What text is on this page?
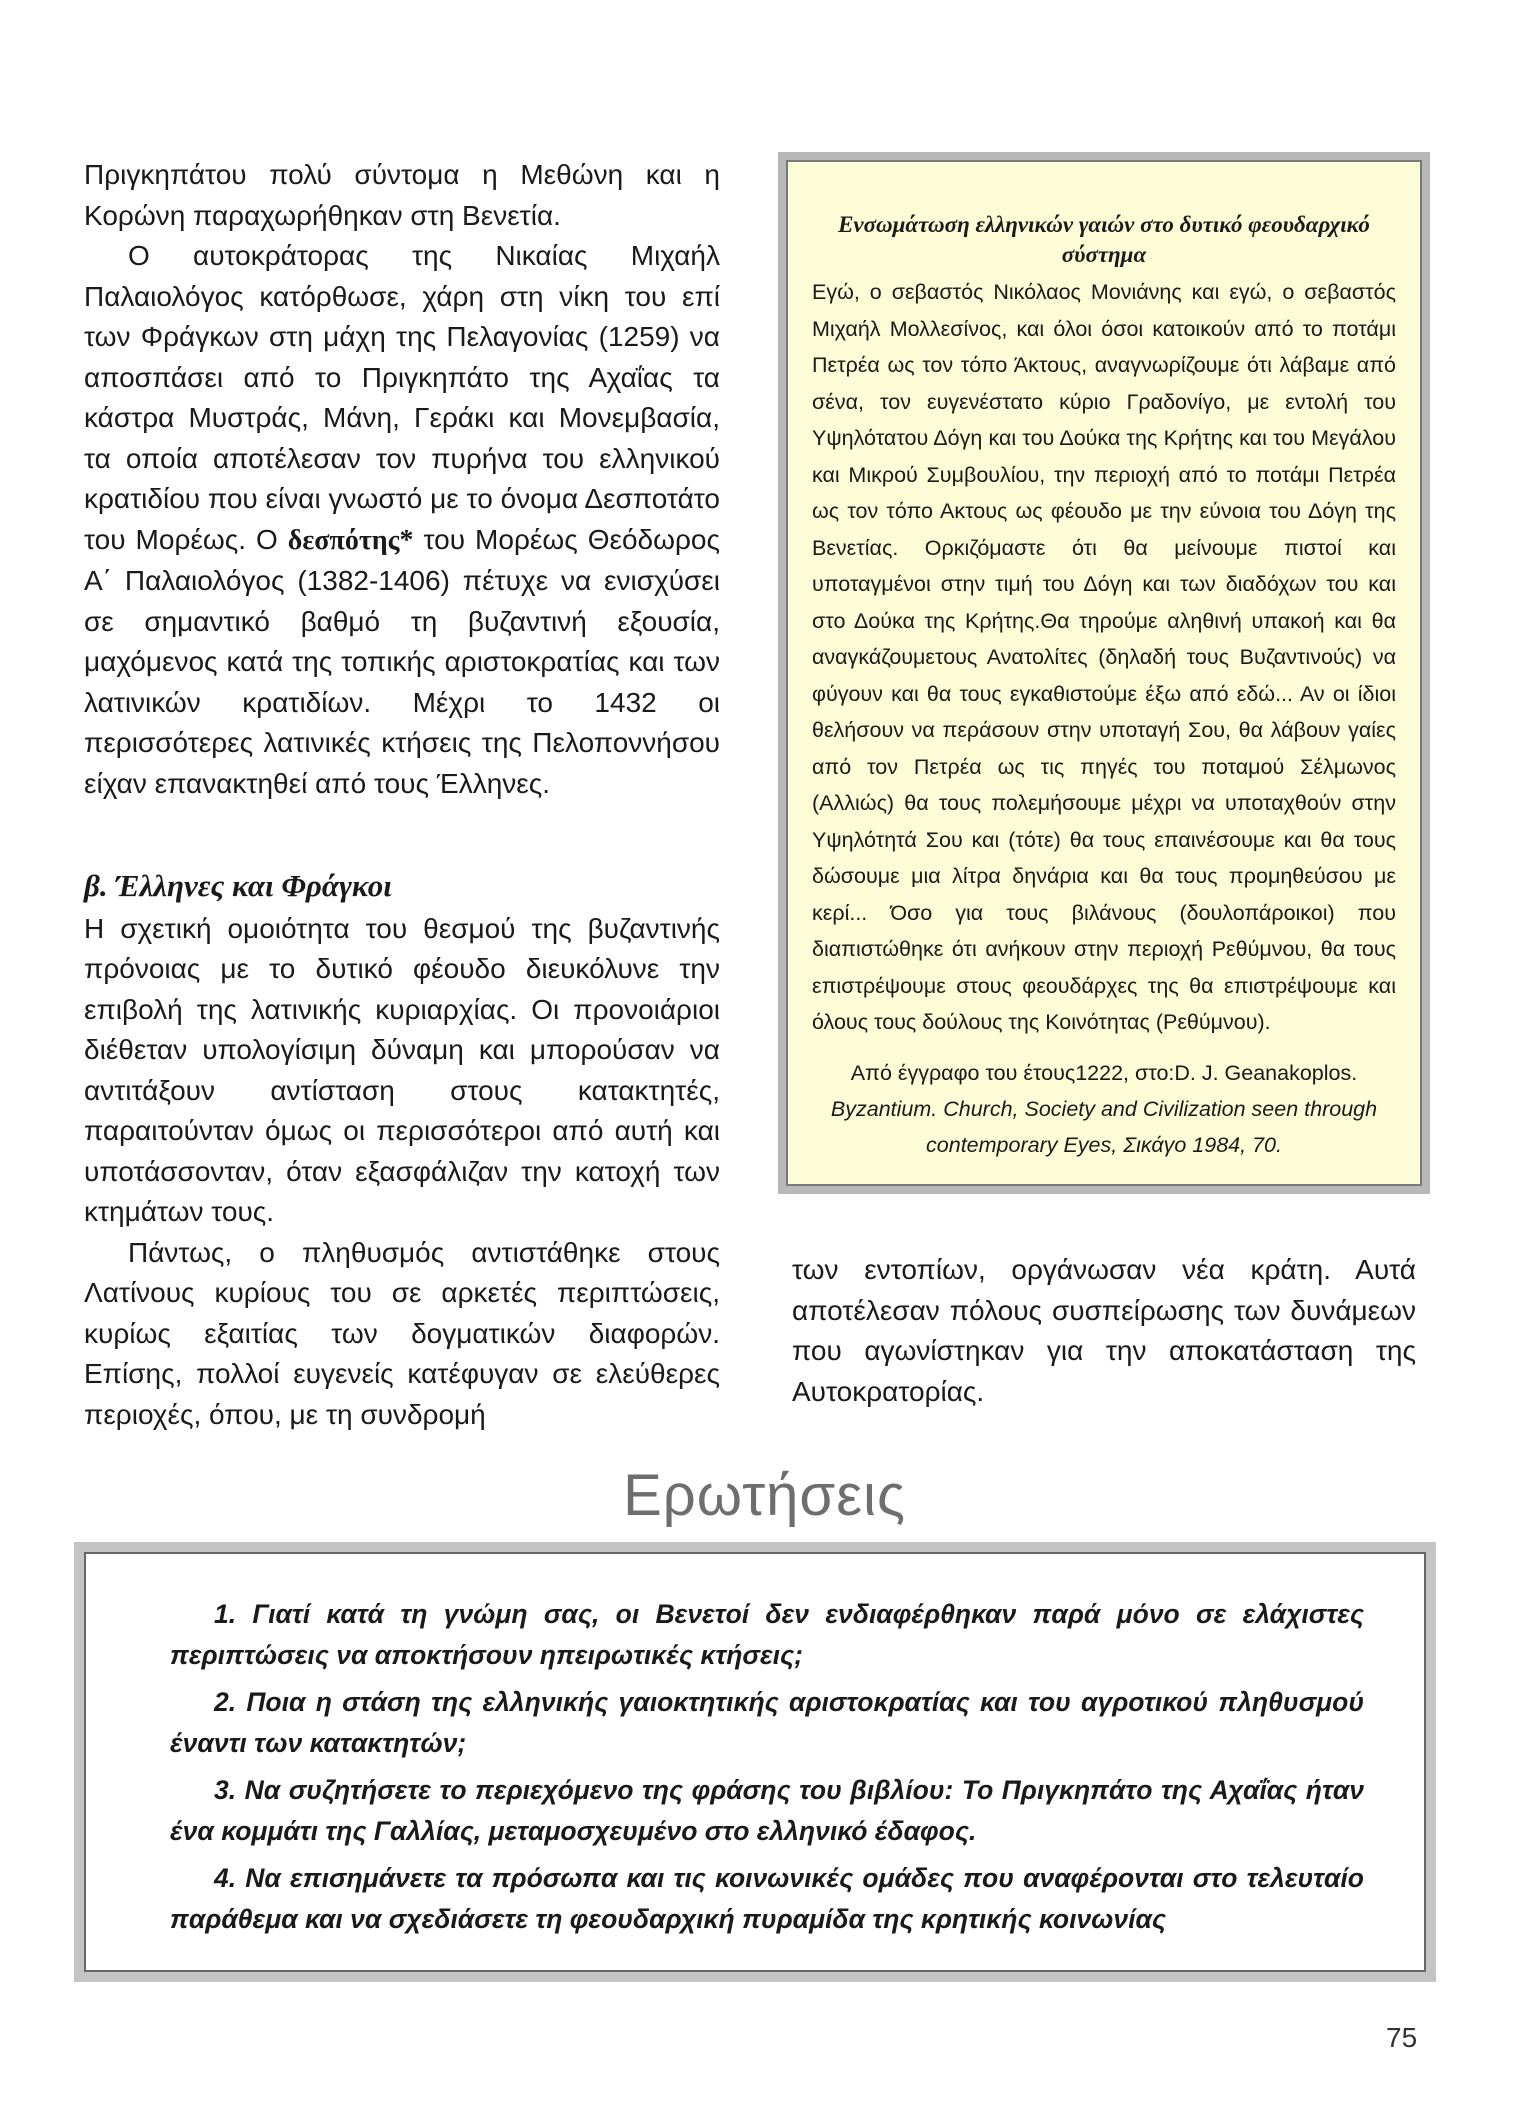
Πριγκηπάτου πολύ σύντομα η Μεθώνη και η Κορώνη παραχωρήθηκαν στη Βενετία.

Ο αυτοκράτορας της Νικαίας Μιχαήλ Παλαιολόγος κατόρθωσε, χάρη στη νίκη του επί των Φράγκων στη μάχη της Πελαγονίας (1259) να αποσπάσει από το Πριγκηπάτο της Αχαΐας τα κάστρα Μυστράς, Μάνη, Γεράκι και Μονεμβασία, τα οποία αποτέλεσαν τον πυρήνα του ελληνικού κρατιδίου που είναι γνωστό με το όνομα Δεσποτάτο του Μορέως. Ο δεσπότης* του Μορέως Θεόδωρος Α΄ Παλαιολόγος (1382-1406) πέτυχε να ενισχύσει σε σημαντικό βαθμό τη βυζαντινή εξουσία, μαχόμενος κατά της τοπικής αριστοκρατίας και των λατινικών κρατιδίων. Μέχρι το 1432 οι περισσότερες λατινικές κτήσεις της Πελοποννήσου είχαν επανακτηθεί από τους Έλληνες.

β. Έλληνες και Φράγκοι

Η σχετική ομοιότητα του θεσμού της βυζαντινής πρόνοιας με το δυτικό φέουδο διευκόλυνε την επιβολή της λατινικής κυριαρχίας. Οι προνοιάριοι διέθεταν υπολογίσιμη δύναμη και μπορούσαν να αντιτάξουν αντίσταση στους κατακτητές, παραιτούνταν όμως οι περισσότεροι από αυτή και υποτάσσονταν, όταν εξασφάλιζαν την κατοχή των κτημάτων τους.

Πάντως, ο πληθυσμός αντιστάθηκε στους Λατίνους κυρίους του σε αρκετές περιπτώσεις, κυρίως εξαιτίας των δογματικών διαφορών. Επίσης, πολλοί ευγενείς κατέφυγαν σε ελεύθερες περιοχές, όπου, με τη συνδρομή

Ενσωμάτωση ελληνικών γαιών στο δυτικό φεουδαρχικό σύστημα

Εγώ, ο σεβαστός Νικόλαος Μονιάνης και εγώ, ο σεβαστός Μιχαήλ Μολλεσίνος, και όλοι όσοι κατοικούν από το ποτάμι Πετρέα ως τον τόπο Άκτους, αναγνωρίζουμε ότι λάβαμε από σένα, τον ευγενέστατο κύριο Γραδονίγο, με εντολή του Υψηλότατου Δόγη και του Δούκα της Κρήτης και του Μεγάλου και Μικρού Συμβουλίου, την περιοχή από το ποτάμι Πετρέα ως τον τόπο Ακτους ως φέουδο με την εύνοια του Δόγη της Βενετίας. Ορκιζόμαστε ότι θα μείνουμε πιστοί και υποταγμένοι στην τιμή του Δόγη και των διαδόχων του και στο Δούκα της Κρήτης.Θα τηρούμε αληθινή υπακοή και θα αναγκάζουμετους Ανατολίτες (δηλαδή τους Βυζαντινούς) να φύγουν και θα τους εγκαθιστούμε έξω από εδώ... Αν οι ίδιοι θελήσουν να περάσουν στην υποταγή Σου, θα λάβουν γαίες από τον Πετρέα ως τις πηγές του ποταμού Σέλμωνος (Αλλιώς) θα τους πολεμήσουμε μέχρι να υποταχθούν στην Υψηλότητά Σου και (τότε) θα τους επαινέσουμε και θα τους δώσουμε μια λίτρα δηνάρια και θα τους προμηθεύσου με κερί... Όσο για τους βιλάνους (δουλοπάροικοι) που διαπιστώθηκε ότι ανήκουν στην περιοχή Ρεθύμνου, θα τους επιστρέψουμε στους φεουδάρχες της θα επιστρέψουμε και όλους τους δούλους της Κοινότητας (Ρεθύμνου).

Από έγγραφο του έτους1222, στο:D. J. Geanakoplos. Byzantium. Church, Society and Civilization seen through contemporary Eyes, Σικάγο 1984, 70.

των εντοπίων, οργάνωσαν νέα κράτη. Αυτά αποτέλεσαν πόλους συσπείρωσης των δυνάμεων που αγωνίστηκαν για την αποκατάσταση της Αυτοκρατορίας.

Ερωτήσεις

1. Γιατί κατά τη γνώμη σας, οι Βενετοί δεν ενδιαφέρθηκαν παρά μόνο σε ελάχιστες περιπτώσεις να αποκτήσουν ηπειρωτικές κτήσεις;

2. Ποια η στάση της ελληνικής γαιοκτητικής αριστοκρατίας και του αγροτικού πληθυσμού έναντι των κατακτητών;

3. Να συζητήσετε το περιεχόμενο της φράσης του βιβλίου: Το Πριγκηπάτο της Αχαΐας ήταν ένα κομμάτι της Γαλλίας, μεταμοσχευμένο στο ελληνικό έδαφος.

4. Να επισημάνετε τα πρόσωπα και τις κοινωνικές ομάδες που αναφέρονται στο τελευταίο παράθεμα και να σχεδιάσετε τη φεουδαρχική πυραμίδα της κρητικής κοινωνίας

75
